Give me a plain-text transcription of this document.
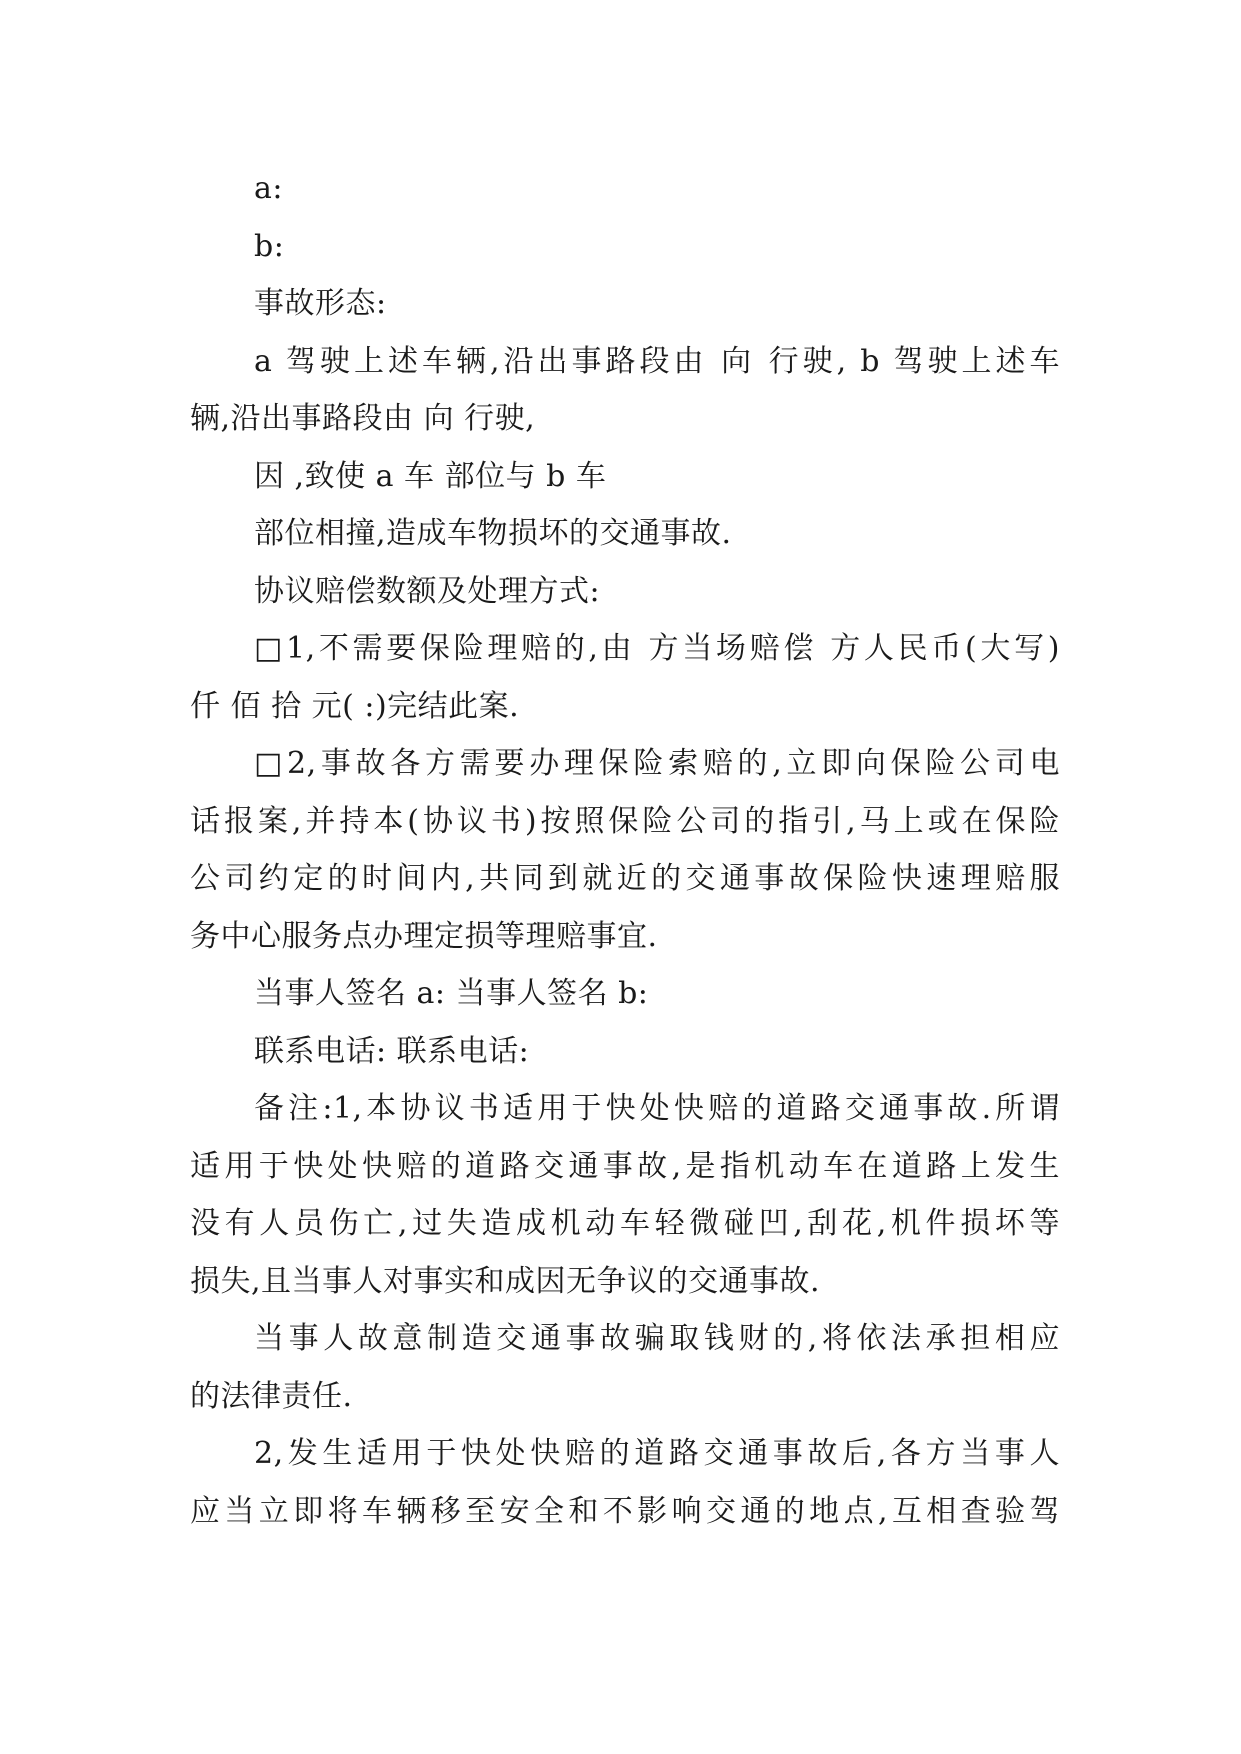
a:
b:
事故形态:
a 驾驶上述车辆,沿出事路段由 向 行驶, b 驾驶上述车
辆,沿出事路段由 向 行驶,
因 ,致使 a 车 部位与 b 车
部位相撞,造成车物损坏的交通事故.
协议赔偿数额及处理方式:
□1,不需要保险理赔的,由 方当场赔偿 方人民币(大写)
仟 佰 拾 元( :)完结此案.
□2,事故各方需要办理保险索赔的,立即向保险公司电
话报案,并持本(协议书)按照保险公司的指引,马上或在保险
公司约定的时间内,共同到就近的交通事故保险快速理赔服
务中心服务点办理定损等理赔事宜.
当事人签名 a: 当事人签名 b:
联系电话: 联系电话:
备注:1,本协议书适用于快处快赔的道路交通事故.所谓
适用于快处快赔的道路交通事故,是指机动车在道路上发生
没有人员伤亡,过失造成机动车轻微碰凹,刮花,机件损坏等
损失,且当事人对事实和成因无争议的交通事故.
当事人故意制造交通事故骗取钱财的,将依法承担相应
的法律责任.
2,发生适用于快处快赔的道路交通事故后,各方当事人
应当立即将车辆移至安全和不影响交通的地点,互相查验驾
